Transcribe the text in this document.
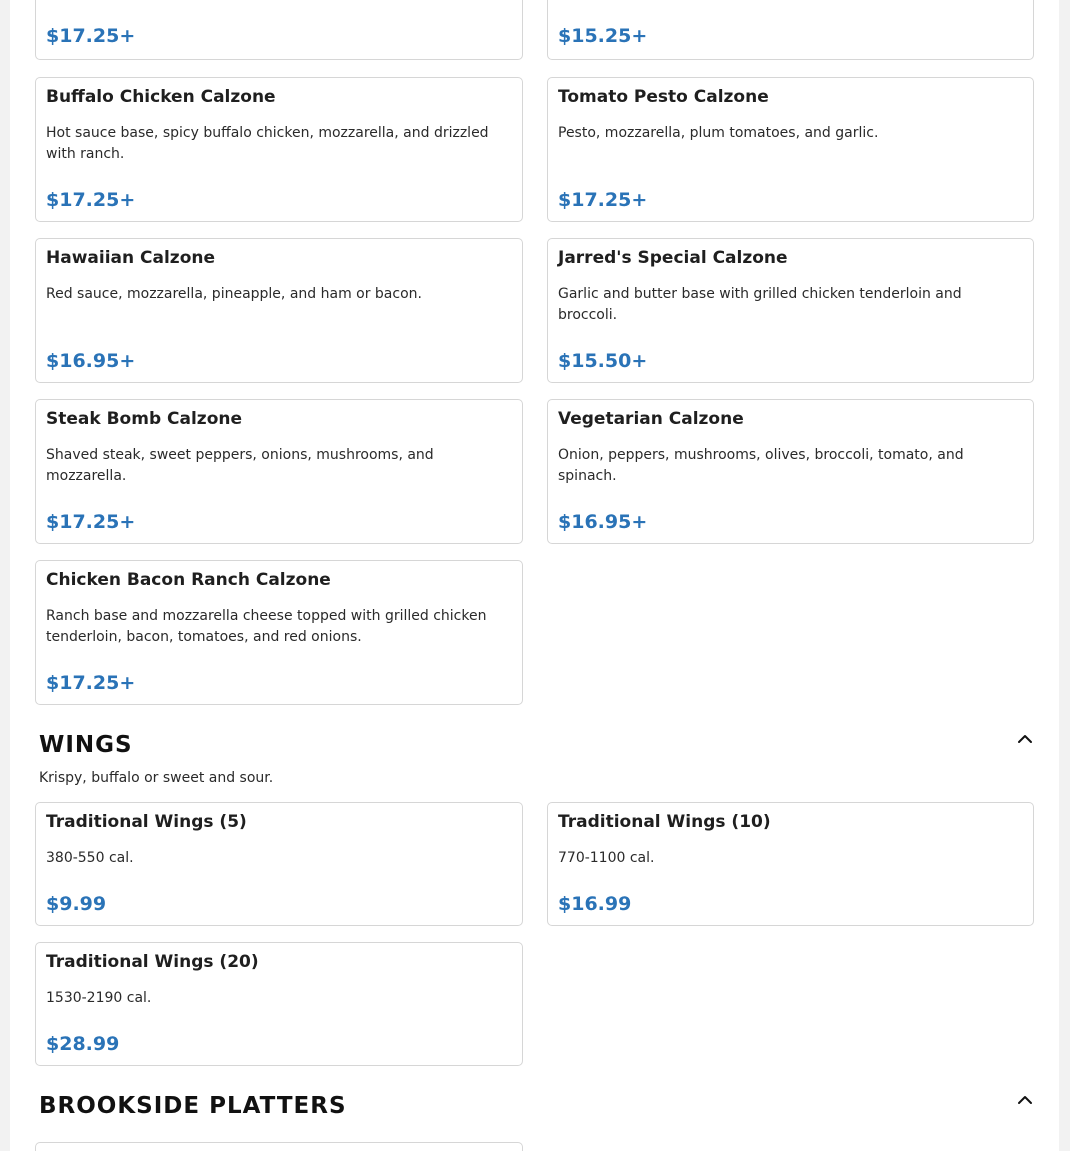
$17.25+	$15.25+
Buffalo Chicken Calzone
Hot sauce base, spicy buffalo chicken, mozzarella, and drizzled with ranch.
$17.25+
Tomato Pesto Calzone
Pesto, mozzarella, plum tomatoes, and garlic.
$17.25+
Hawaiian Calzone
Red sauce, mozzarella, pineapple, and ham or bacon.
$16.95+
Jarred's Special Calzone
Garlic and butter base with grilled chicken tenderloin and broccoli.
$15.50+
Steak Bomb Calzone
Shaved steak, sweet peppers, onions, mushrooms, and mozzarella.
$17.25+
Vegetarian Calzone
Onion, peppers, mushrooms, olives, broccoli, tomato, and spinach.
$16.95+
Chicken Bacon Ranch Calzone
Ranch base and mozzarella cheese topped with grilled chicken tenderloin, bacon, tomatoes, and red onions.
$17.25+
WINGS
Krispy, buffalo or sweet and sour.
Traditional Wings (5)
380-550 cal.
$9.99
Traditional Wings (10)
770-1100 cal.
$16.99
Traditional Wings (20)
1530-2190 cal.
$28.99
BROOKSIDE PLATTERS
